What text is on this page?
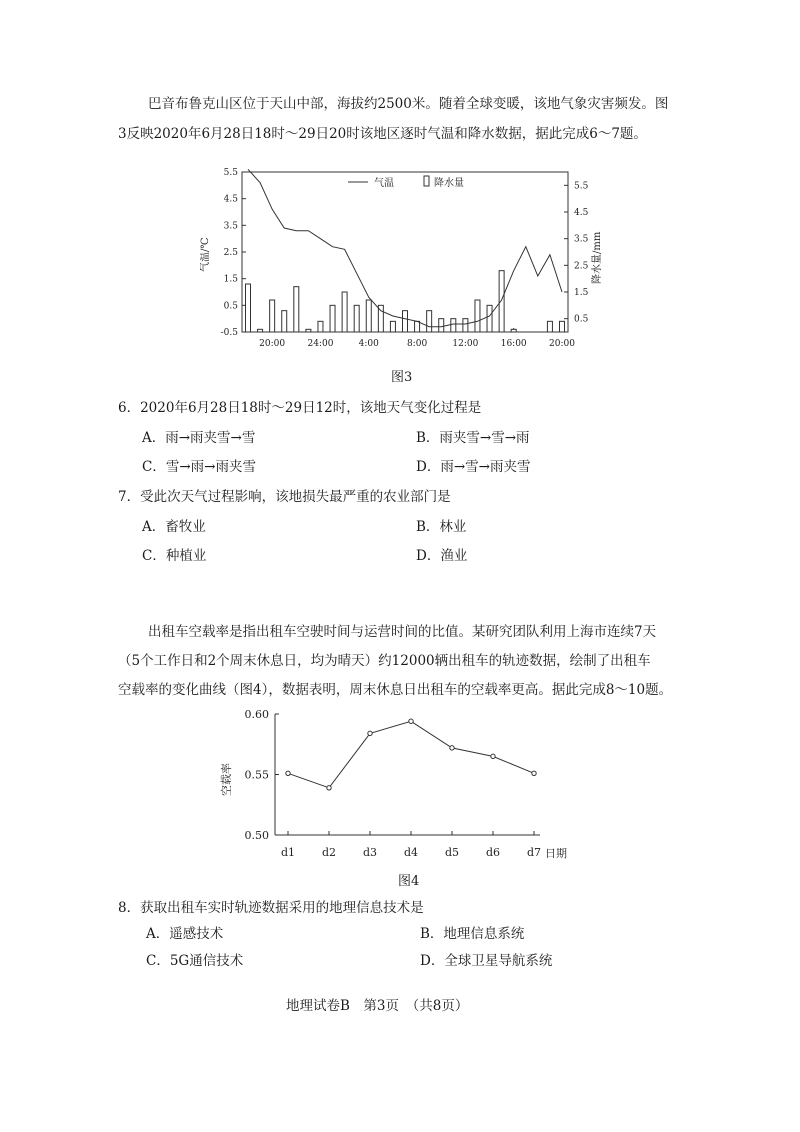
巴音布鲁克山区位于天山中部，海拔约2500米。随着全球变暖，该地气象灾害频发。图
3反映2020年6月28日18时～29日20时该地区逐时气温和降水数据，据此完成6～7题。
气温	降水量
气温/℃	降水量/mm
5.5
4.5
3.5
2.5
1.5
0.5
-0.5
5.5
4.5
3.5
2.5
1.5
0.5
20:00 24:00	4:00	8:00	12:00 16:00 20:00
图3
6．2020年6月28日18时～29日12时，该地天气变化过程是
A．雨→雨夹雪→雪	B．雨夹雪→雪→雨
C．雪→雨→雨夹雪	D．雨→雪→雨夹雪
7．受此次天气过程影响，该地损失最严重的农业部门是
A．畜牧业	B．林业
C．种植业	D．渔业
出租车空载率是指出租车空驶时间与运营时间的比值。某研究团队利用上海市连续7天
（5个工作日和2个周末休息日，均为晴天）约12000辆出租车的轨迹数据，绘制了出租车
空载率的变化曲线（图4），数据表明，周末休息日出租车的空载率更高。据此完成8～10题。
空载率
日期
0.60
0.55
0.50
d1 d2 d3 d4 d5 d6 d7
图4
8．获取出租车实时轨迹数据采用的地理信息技术是
A．遥感技术	B．地理信息系统
C．5G通信技术	D．全球卫星导航系统
地理试卷B　第3页　（共8页）
